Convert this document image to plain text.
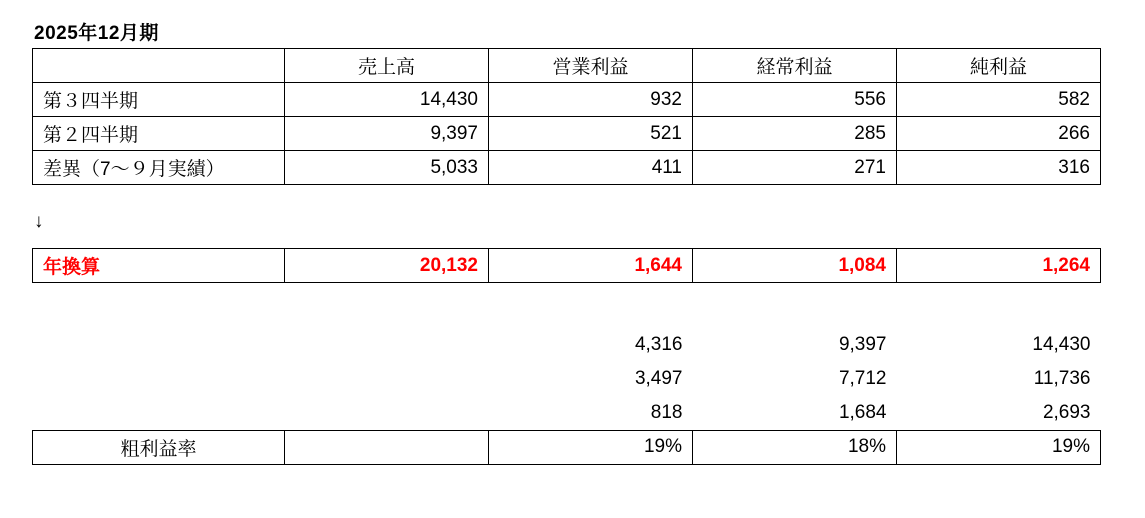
2025年12月期
	売上高	営業利益	経常利益	純利益
第３四半期	14,430	932	556	582
第２四半期	9,397	521	285	266
差異（7～９月実績）	5,033	411	271	316
↓
年換算	20,132	1,644	1,084	1,264
		4,316	9,397	14,430
		3,497	7,712	11,736
		818	1,684	2,693
粗利益率		19%	18%	19%
